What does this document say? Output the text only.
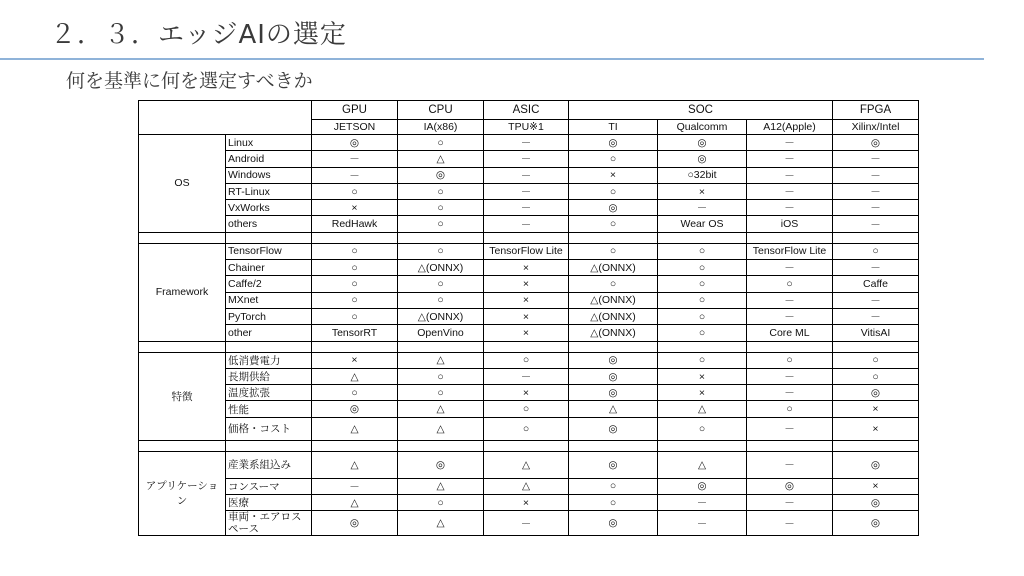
２．３．エッジAIの選定
何を基準に何を選定すべきか
		GPU	CPU	ASIC	SOC			FPGA
		JETSON	IA(x86)	TPU※1	TI	Qualcomm	A12(Apple)	Xilinx/Intel
OS	Linux	◎	○	－	◎	◎	－	◎
	Android	－	△	－	○	◎	－	－
	Windows	－	◎	－	×	○32bit	－	－
	RT-Linux	○	○	－	○	×	－	－
	VxWorks	×	○	－	◎	－	－	－
	others	RedHawk	○	－	○	Wear OS	iOS	－

Framework	TensorFlow	○	○	TensorFlow Lite	○	○	TensorFlow Lite	○
	Chainer	○	△(ONNX)	×	△(ONNX)	○	－	－
	Caffe/2	○	○	×	○	○	○	Caffe
	MXnet	○	○	×	△(ONNX)	○	－	－
	PyTorch	○	△(ONNX)	×	△(ONNX)	○	－	－
	other	TensorRT	OpenVino	×	△(ONNX)	○	Core ML	VitisAI

特徴	低消費電力	×	△	○	◎	○	○	○
	長期供給	△	○	－	◎	×	－	○
	温度拡張	○	○	×	◎	×	－	◎
	性能	◎	△	○	△	△	○	×
	価格・コスト	△	△	○	◎	○	－	×

アプリケーション	産業系組込み	△	◎	△	◎	△	－	◎
	コンスーマ	－	△	△	○	◎	◎	×
	医療	△	○	×	○	－	－	◎
	車両・エアロスペース	◎	△	－	◎	－	－	◎
